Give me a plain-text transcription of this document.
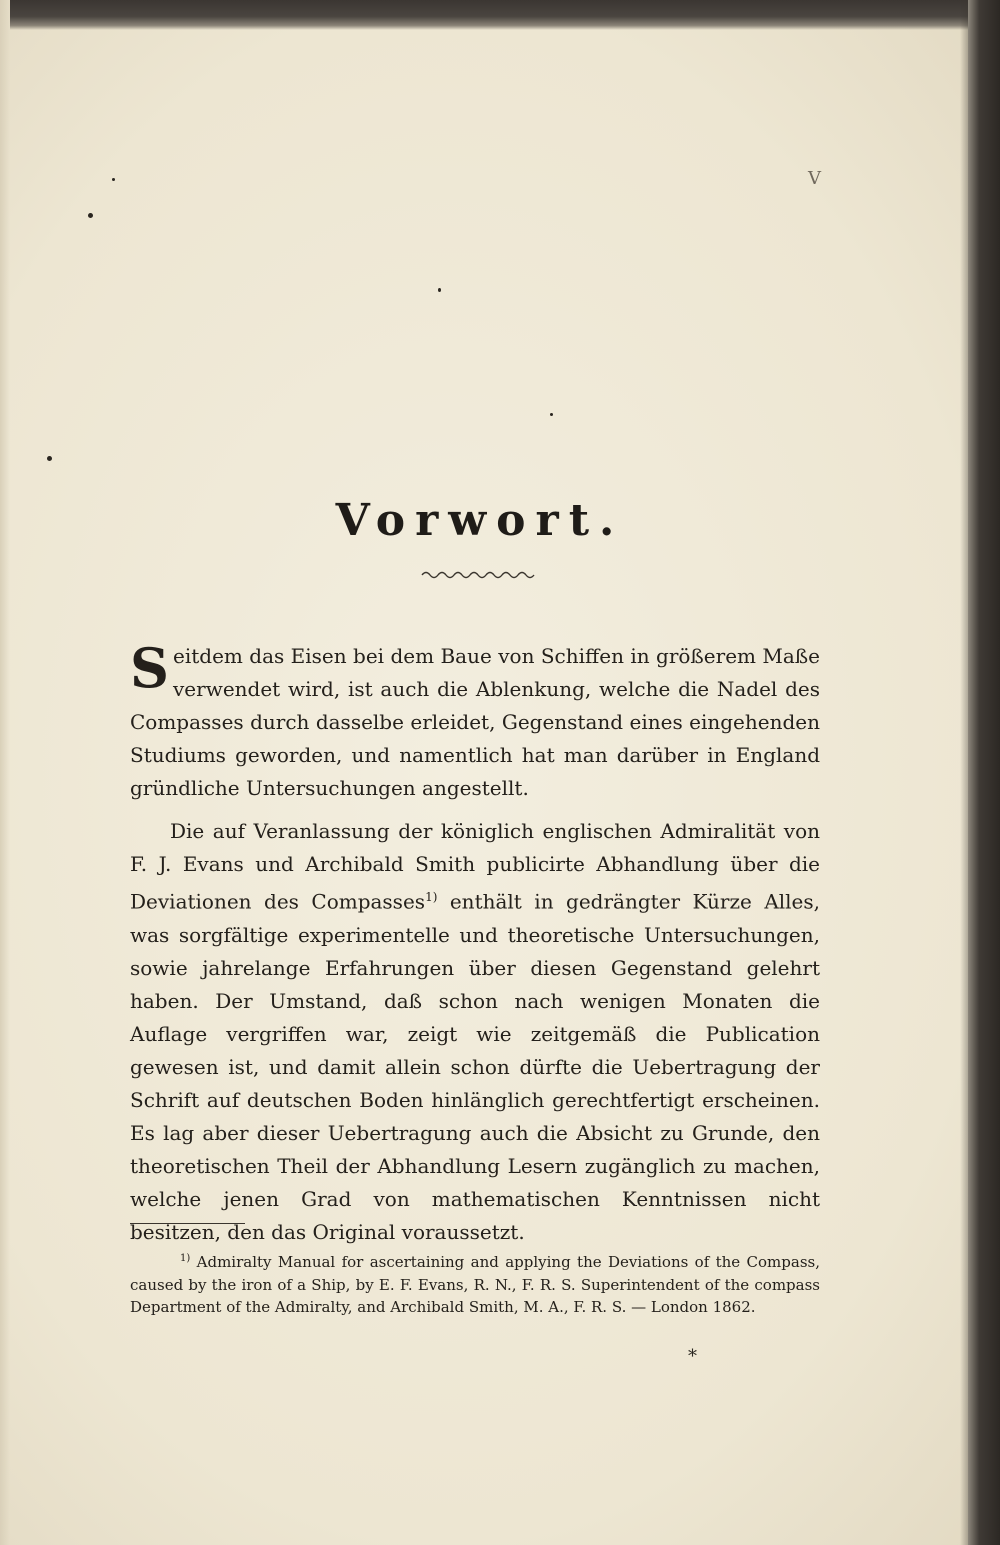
V
Vorwort.

Seitdem das Eisen bei dem Baue von Schiffen in größerem Maße verwendet wird, ist auch die Ablenkung, welche die Nadel des Compasses durch dasselbe erleidet, Gegenstand eines eingehenden Studiums geworden, und namentlich hat man darüber in England gründliche Untersuchungen angestellt.

Die auf Veranlassung der königlich englischen Admiralität von F. J. Evans und Archibald Smith publicirte Abhandlung über die Deviationen des Compasses$^{1)}$ enthält in gedrängter Kürze Alles, was sorgfältige experimentelle und theoretische Untersuchungen, sowie jahrelange Erfahrungen über diesen Gegenstand gelehrt haben. Der Umstand, daß schon nach wenigen Monaten die Auflage vergriffen war, zeigt wie zeitgemäß die Publication gewesen ist, und damit allein schon dürfte die Uebertragung der Schrift auf deutschen Boden hinlänglich gerechtfertigt erscheinen. Es lag aber dieser Uebertragung auch die Absicht zu Grunde, den theoretischen Theil der Abhandlung Lesern zugänglich zu machen, welche jenen Grad von mathematischen Kenntnissen nicht besitzen, den das Original voraussetzt.

$^{1)}$ Admiralty Manual for ascertaining and applying the Deviations of the Compass, caused by the iron of a Ship, by E. F. Evans, R. N., F. R. S. Superintendent of the compass Department of the Admiralty, and Archibald Smith, M. A., F. R. S. — London 1862.
*
